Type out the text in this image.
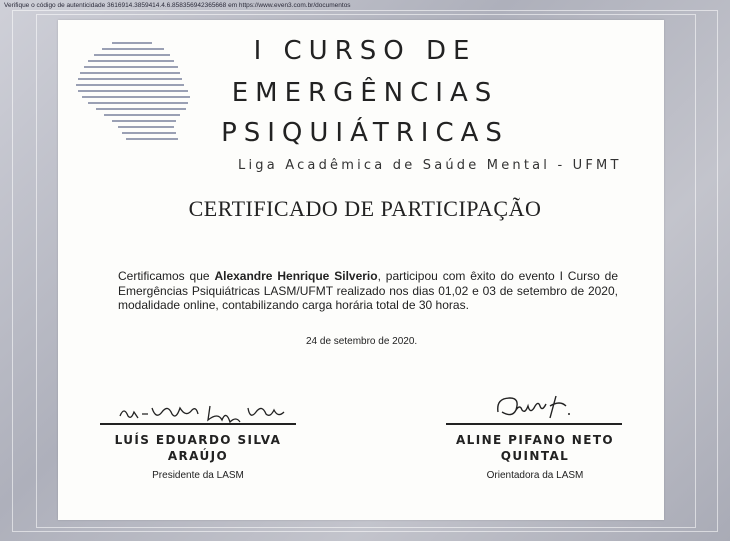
Verifique o código de autenticidade 3616914.3859414.4.6.858356942365668 em https://www.even3.com.br/documentos
I CURSO DE
EMERGÊNCIAS
PSIQUIÁTRICAS
Liga Acadêmica de Saúde Mental - UFMT
CERTIFICADO DE PARTICIPAÇÃO
Certificamos que Alexandre Henrique Silverio, participou com êxito do evento I Curso de Emergências Psiquiátricas LASM/UFMT realizado nos dias 01,02 e 03 de setembro de 2020, modalidade online, contabilizando carga horária total de 30 horas.
24 de setembro de 2020.
LUÍS EDUARDO SILVA
ARAÚJO
Presidente da LASM
ALINE PIFANO NETO
QUINTAL
Orientadora da LASM
